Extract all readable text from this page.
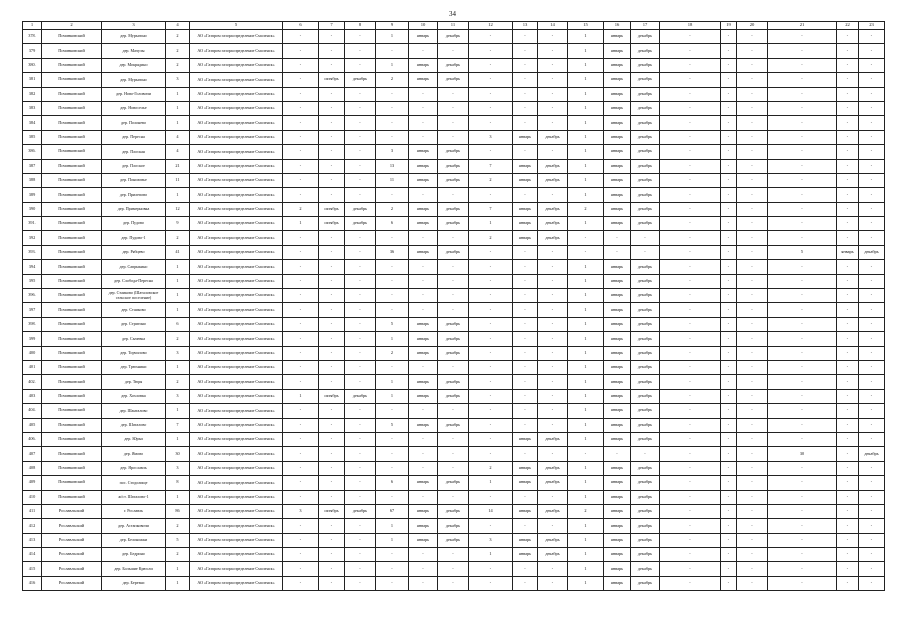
34
1	2	3	4	5	6	7	8	9	10	11	12	13	14	15	16	17	18	19	20	21	22	23
378.	Починковский	дер. Мурыгино	2	АО «Газпром газораспределение Смоленск»	-	-	-	1	январь	декабрь	-	-	-	1	январь	декабрь	-	-	-	-	-	-
379	Починковский	дер. Мачулы	2	АО «Газпром газораспределение Смоленск»	-	-	-	-	-	-	-	-	-	1	январь	декабрь	-	-	-	-	-	-
380.	Починковский	дер. Мокрядино	2	АО «Газпром газораспределение Смоленск»	-	-	-	1	январь	декабрь	-	-	-	1	январь	декабрь	-	-	-	-	-	-
381	Починковский	дер. Мурыгино	3	АО «Газпром газораспределение Смоленск»	-	октябрь	декабрь	2	январь	декабрь	-	-	-	1	январь	декабрь	-	-	-	-	-	-
382	Починковский	дер. Ново-Головичи	1	АО «Газпром газораспределение Смоленск»	-	-	-	-	-	-	-	-	-	1	январь	декабрь	-	-	-	-	-	-
383	Починковский	дер. Новоселье	1	АО «Газпром газораспределение Смоленск»	-	-	-	-	-	-	-	-	-	1	январь	декабрь	-	-	-	-	-	-
384	Починковский	дер. Полонево	1	АО «Газпром газораспределение Смоленск»	-	-	-	-	-	-	-	-	-	1	январь	декабрь	-	-	-	-	-	-
385	Починковский	дер. Пересна	4	АО «Газпром газораспределение Смоленск»	-	-	-	-	-	-	3	январь	декабрь	1	январь	декабрь	-	-	-	-	-	-
386.	Починковский	дер. Плоская	4	АО «Газпром газораспределение Смоленск»	-	-	-	3	январь	декабрь	-	-	-	1	январь	декабрь	-	-	-	-	-	-
387	Починковский	дер. Плоское	21	АО «Газпром газораспределение Смоленск»	-	-	-	13	январь	декабрь	7	январь	декабрь	1	январь	декабрь	-	-	-	-	-	-
388	Починковский	дер. Понизовье	11	АО «Газпром газораспределение Смоленск»	-	-	-	11	январь	декабрь	2	январь	декабрь	1	январь	декабрь	-	-	-	-	-	-
389	Починковский	дер. Прилепово	1	АО «Газпром газораспределение Смоленск»	-	-	-	-	-	-	-	-	-	1	январь	декабрь	-	-	-	-	-	-
390	Починковский	дер. Примерновка	12	АО «Газпром газораспределение Смоленск»	2	октябрь	декабрь	2	январь	декабрь	7	январь	декабрь	2	январь	декабрь	-	-	-	-	-	-
391.	Починковский	дер. Пудово	9	АО «Газпром газораспределение Смоленск»	1	октябрь	декабрь	6	январь	декабрь	1	январь	декабрь	1	январь	декабрь	-	-	-	-	-	-
392	Починковский	дер. Пудово-1	2	АО «Газпром газораспределение Смоленск»	-	-	-	-	-	-	2	январь	декабрь	-	-	-	-	-	-	-	-	-
393.	Починковский	дер. Рябцево	41	АО «Газпром газораспределение Смоленск»	-	-	-	36	январь	декабрь	-	-	-	-	-	-	-	-	-	5	январь	декабрь
394	Починковский	дер. Сапрыкино	1	АО «Газпром газораспределение Смоленск»	-	-	-	-	-	-	-	-	-	1	январь	декабрь	-	-	-	-	-	-
395	Починковский	дер. Слобода-Пересна	1	АО «Газпром газораспределение Смоленск»	-	-	-	-	-	-	-	-	-	1	январь	декабрь	-	-	-	-	-	-
396.	Починковский	дер. Стаиково (Шаталовское сельское поселение)	1	АО «Газпром газораспределение Смоленск»	-	-	-	-	-	-	-	-	-	1	январь	декабрь	-	-	-	-	-	-
397	Починковский	дер. Стаиково	1	АО «Газпром газораспределение Смоленск»	-	-	-	-	-	-	-	-	-	1	январь	декабрь	-	-	-	-	-	-
398.	Починковский	дер. Стригино	6	АО «Газпром газораспределение Смоленск»	-	-	-	5	январь	декабрь	-	-	-	1	январь	декабрь	-	-	-	-	-	-
399	Починковский	дер. Сычевка	2	АО «Газпром газораспределение Смоленск»	-	-	-	1	январь	декабрь	-	-	-	1	январь	декабрь	-	-	-	-	-	-
400	Починковский	дер. Торчилово	3	АО «Газпром газораспределение Смоленск»	-	-	-	2	январь	декабрь	-	-	-	1	январь	декабрь	-	-	-	-	-	-
401	Починковский	дер. Трюхники	1	АО «Газпром газораспределение Смоленск»	-	-	-	-	-	-	-	-	-	1	январь	декабрь	-	-	-	-	-	-
402.	Починковский	дер. Тюря	2	АО «Газпром газораспределение Смоленск»	-	-	-	1	январь	декабрь	-	-	-	1	январь	декабрь	-	-	-	-	-	-
403	Починковский	дер. Хохловка	3	АО «Газпром газораспределение Смоленск»	1	октябрь	декабрь	1	январь	декабрь	-	-	-	1	январь	декабрь	-	-	-	-	-	-
404.	Починковский	дер. Шанталово	1	АО «Газпром газораспределение Смоленск»	-	-	-	-	-	-	-	-	-	1	январь	декабрь	-	-	-	-	-	-
405	Починковский	дер. Шаталово	7	АО «Газпром газораспределение Смоленск»	-	-	-	5	январь	декабрь	-	-	-	1	январь	декабрь	-	-	-	-	-	-
406.	Починковский	дер. Юрьи	1	АО «Газпром газораспределение Смоленск»	-	-	-	-	-	-	-	январь	декабрь	1	январь	декабрь	-	-	-	-	-	-
407	Починковский	дер. Ямово	30	АО «Газпром газораспределение Смоленск»	-	-	-	-	-	-	-	-	-	-	-	-	-	-	-	30	-	декабрь
408	Починковский	дер. Ярославль	3	АО «Газпром газораспределение Смоленск»	-	-	-	-	-	-	2	январь	декабрь	1	январь	декабрь	-	-	-	-	-	-
409	Починковский	пос. Стодолище	8	АО «Газпром газораспределение Смоленск»	-	-	-	6	январь	декабрь	1	январь	декабрь	1	январь	декабрь	-	-	-	-	-	-
410	Починковский	ж/ст. Шаталово-1	1	АО «Газпром газораспределение Смоленск»	-	-	-	-	-	-	-	-	-	1	январь	декабрь	-	-	-	-	-	-
411	Рославльский	г. Рославль	86	АО «Газпром газораспределение Смоленск»	3	октябрь	декабрь	67	январь	декабрь	14	январь	декабрь	2	январь	декабрь	-	-	-	-	-	-
412	Рославльский	дер. Астапковичи	2	АО «Газпром газораспределение Смоленск»	-	-	-	1	январь	декабрь	-	-	-	1	январь	декабрь	-	-	-	-	-	-
413	Рославльский	дер. Белоножки	5	АО «Газпром газораспределение Смоленск»	-	-	-	1	январь	декабрь	3	январь	декабрь	1	январь	декабрь	-	-	-	-	-	-
414	Рославльский	дер. Бедрино	2	АО «Газпром газораспределение Смоленск»	-	-	-	-	-	-	1	январь	декабрь	1	январь	декабрь	-	-	-	-	-	-
415	Рославльский	дер. Большие Крюсли	1	АО «Газпром газораспределение Смоленск»	-	-	-	-	-	-	-	-	-	1	январь	декабрь	-	-	-	-	-	-
416	Рославльский	дер. Березки	1	АО «Газпром газораспределение Смоленск»	-	-	-	-	-	-	-	-	-	1	январь	декабрь	-	-	-	-	-	-
